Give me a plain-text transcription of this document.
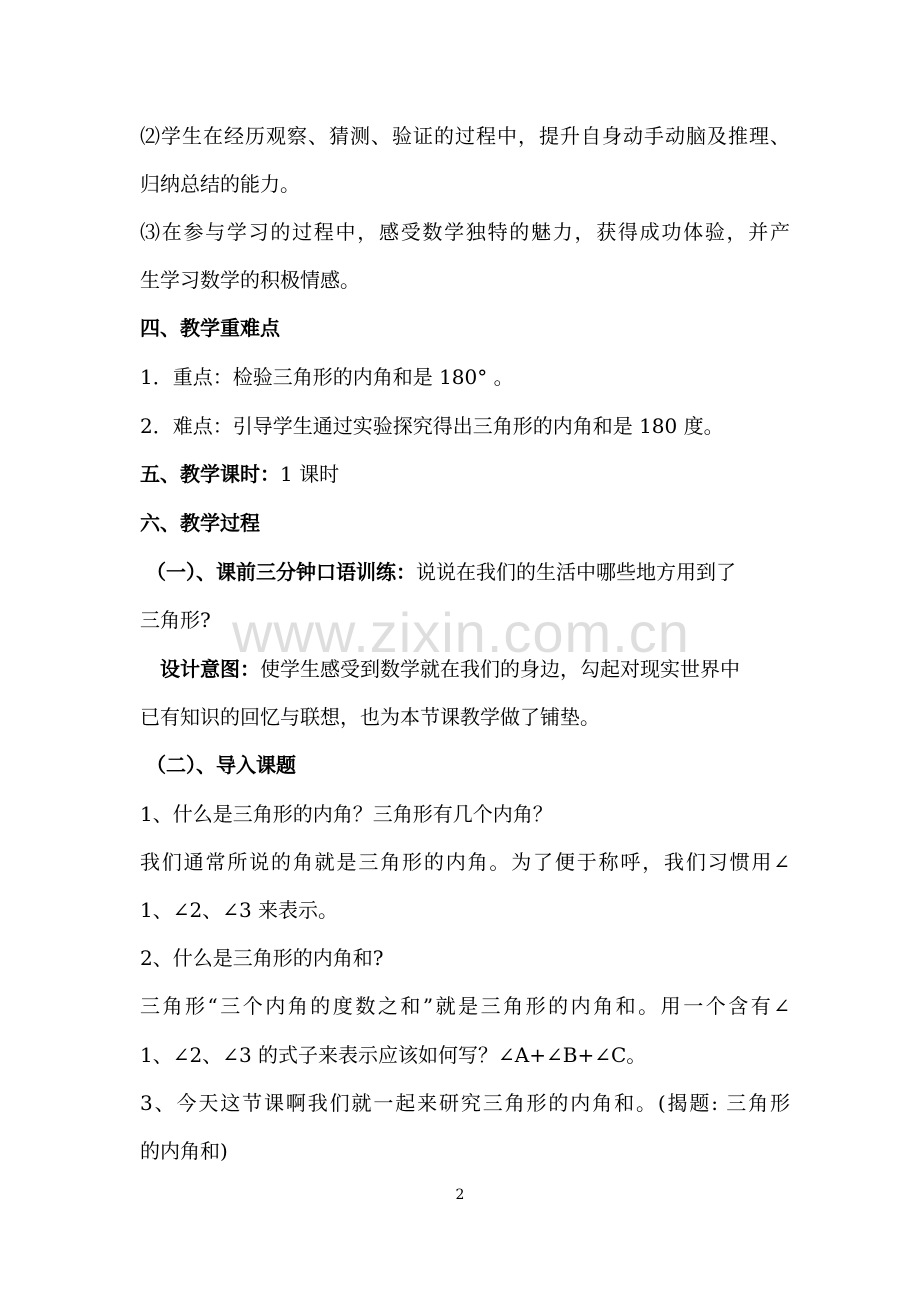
⑵学生在经历观察、猜测、验证的过程中，提升自身动手动脑及推理、
归纳总结的能力。
⑶在参与学习的过程中，感受数学独特的魅力，获得成功体验，并产
生学习数学的积极情感。
四、教学重难点
1．重点：检验三角形的内角和是 180° 。
2．难点：引导学生通过实验探究得出三角形的内角和是 180 度。
五、教学课时：1 课时
六、教学过程
（一）、课前三分钟口语训练：说说在我们的生活中哪些地方用到了
三角形?
设计意图：使学生感受到数学就在我们的身边，勾起对现实世界中
已有知识的回忆与联想，也为本节课教学做了铺垫。
（二）、导入课题
1、什么是三角形的内角？三角形有几个内角？
我们通常所说的角就是三角形的内角。为了便于称呼，我们习惯用∠
1、∠2、∠3 来表示。
2、什么是三角形的内角和?
三角形“三个内角的度数之和”就是三角形的内角和。用一个含有∠
1、∠2、∠3 的式子来表示应该如何写？∠A+∠B+∠C。
3、今天这节课啊我们就一起来研究三角形的内角和。(揭题: 三角形
的内角和)
www.zixin.com.cn
2
